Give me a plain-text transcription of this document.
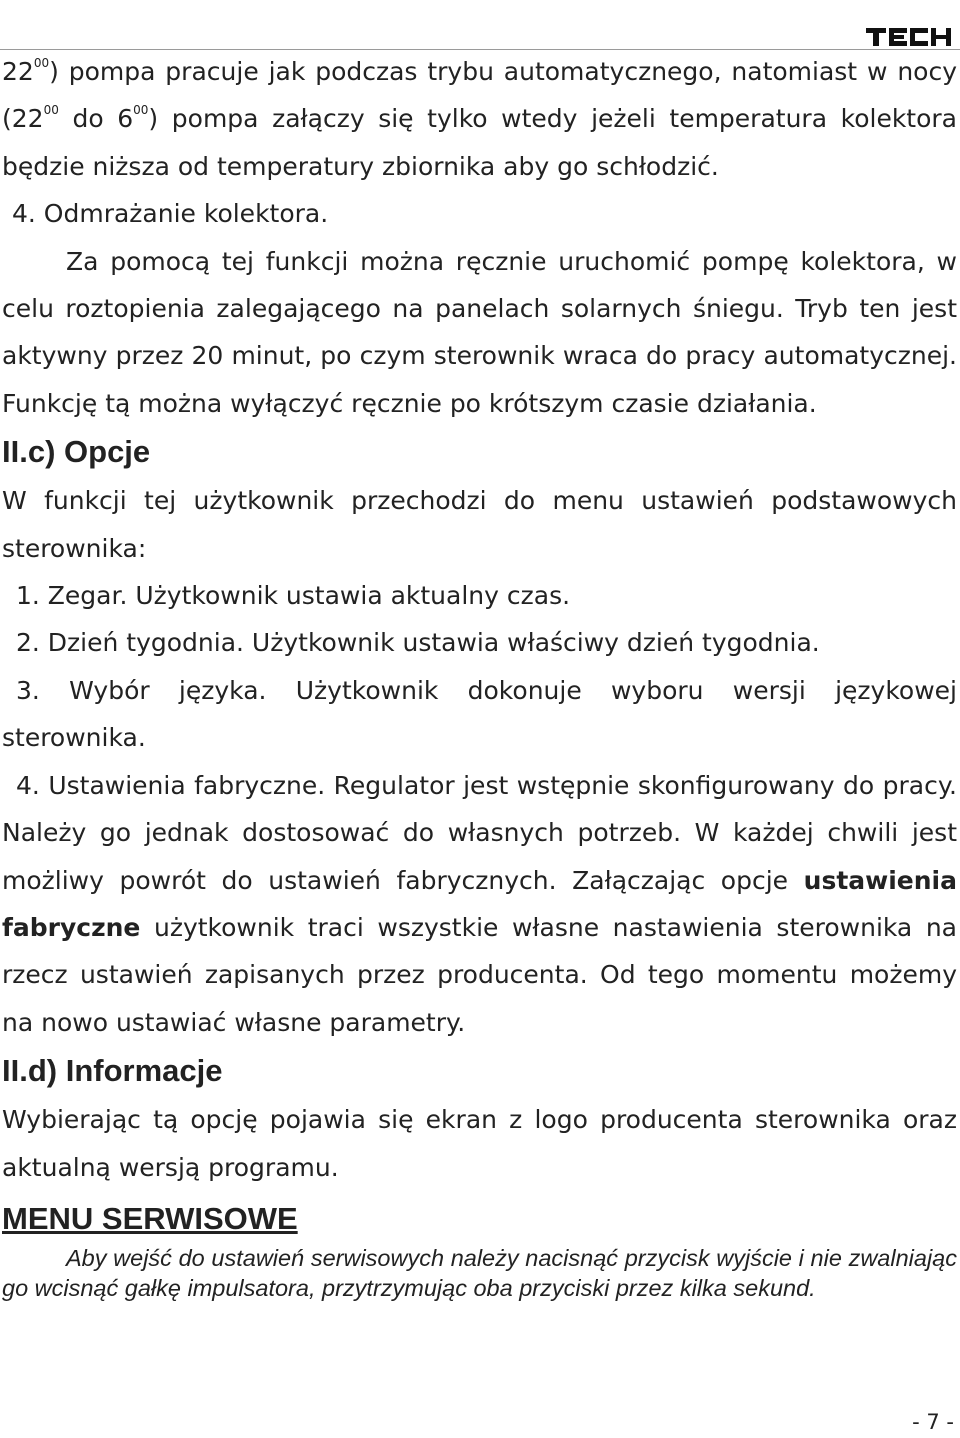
$22^{00}$) pompa pracuje jak podczas trybu automatycznego, natomiast w nocy ($22^{00}$ do $6^{00}$) pompa załączy się tylko wtedy jeżeli temperatura kolektora będzie niższa od temperatury zbiornika aby go schłodzić.

4. Odmrażanie kolektora.

Za pomocą tej funkcji można ręcznie uruchomić pompę kolektora, w celu roztopienia zalegającego na panelach solarnych śniegu. Tryb ten jest aktywny przez 20 minut, po czym sterownik wraca do pracy automatycznej. Funkcję tą można wyłączyć ręcznie po krótszym czasie działania.

II.c) Opcje

W funkcji tej użytkownik przechodzi do menu ustawień podstawowych sterownika:

1. Zegar. Użytkownik ustawia aktualny czas.

2. Dzień tygodnia. Użytkownik ustawia właściwy dzień tygodnia.

3. Wybór języka. Użytkownik dokonuje wyboru wersji językowej sterownika.

4. Ustawienia fabryczne. Regulator jest wstępnie skonfigurowany do pracy. Należy go jednak dostosować do własnych potrzeb. W każdej chwili jest możliwy powrót do ustawień fabrycznych. Załączając opcje ustawienia fabryczne użytkownik traci wszystkie własne nastawienia sterownika na rzecz ustawień zapisanych przez producenta. Od tego momentu możemy na nowo ustawiać własne parametry.

II.d) Informacje

Wybierając tą opcję pojawia się ekran z logo producenta sterownika oraz aktualną wersją programu.

MENU SERWISOWE

Aby wejść do ustawień serwisowych należy nacisnąć przycisk wyjście i nie zwalniając go wcisnąć gałkę impulsatora, przytrzymując oba przyciski przez kilka sekund.

- 7 -
